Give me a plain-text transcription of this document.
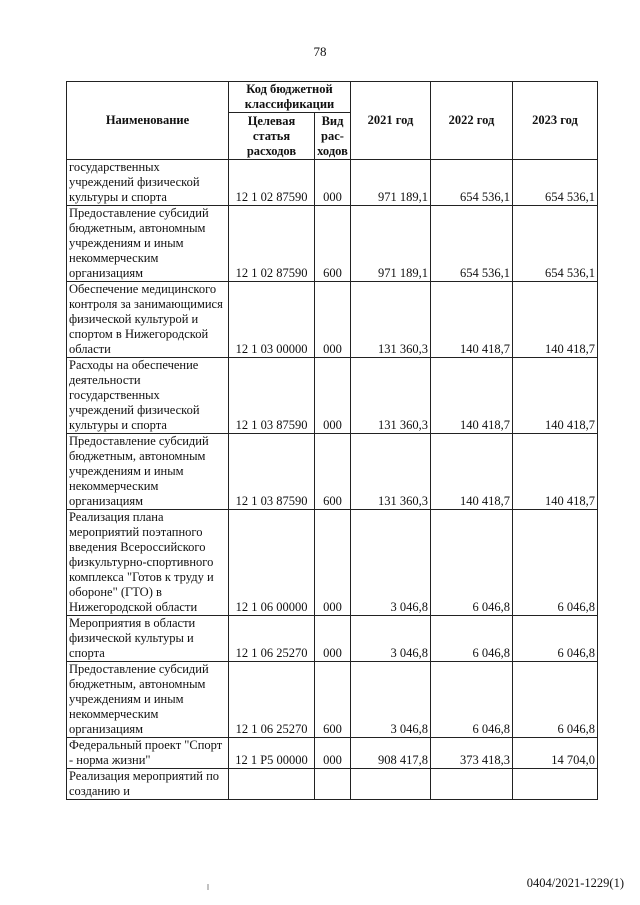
78
Наименование	Код бюджетной классификации		2021 год	2022 год	2023 год
	Целевая статья расходов	Вид рас-ходов			
государственных учреждений физической культуры и спорта	12 1 02 87590	000	971 189,1	654 536,1	654 536,1
Предоставление субсидий бюджетным, автономным учреждениям и иным некоммерческим организациям	12 1 02 87590	600	971 189,1	654 536,1	654 536,1
Обеспечение медицинского контроля за занимающимися физической культурой и спортом в Нижегородской области	12 1 03 00000	000	131 360,3	140 418,7	140 418,7
Расходы на обеспечение деятельности государственных учреждений физической культуры и спорта	12 1 03 87590	000	131 360,3	140 418,7	140 418,7
Предоставление субсидий бюджетным, автономным учреждениям и иным некоммерческим организациям	12 1 03 87590	600	131 360,3	140 418,7	140 418,7
Реализация плана мероприятий поэтапного введения Всероссийского физкультурно-спортивного комплекса "Готов к труду и обороне" (ГТО) в Нижегородской области	12 1 06 00000	000	3 046,8	6 046,8	6 046,8
Мероприятия в области физической культуры и спорта	12 1 06 25270	000	3 046,8	6 046,8	6 046,8
Предоставление субсидий бюджетным, автономным учреждениям и иным некоммерческим организациям	12 1 06 25270	600	3 046,8	6 046,8	6 046,8
Федеральный проект "Спорт - норма жизни"	12 1 P5 00000	000	908 417,8	373 418,3	14 704,0
Реализация мероприятий по созданию и					
0404/2021-1229(1)
